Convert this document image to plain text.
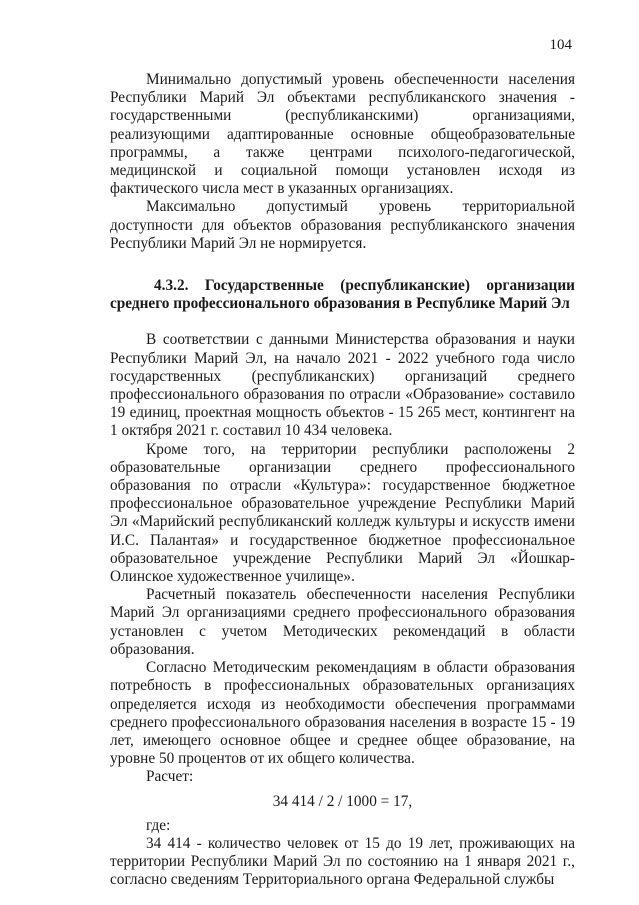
104

Минимально допустимый уровень обеспеченности населения Республики Марий Эл объектами республиканского значения - государственными (республиканскими) организациями, реализующими адаптированные основные общеобразовательные программы, а также центрами психолого-педагогической, медицинской и социальной помощи установлен исходя из фактического числа мест в указанных организациях.

Максимально допустимый уровень территориальной доступности для объектов образования республиканского значения Республики Марий Эл не нормируется.

4.3.2. Государственные (республиканские) организации среднего профессионального образования в Республике Марий Эл

В соответствии с данными Министерства образования и науки Республики Марий Эл, на начало 2021 - 2022 учебного года число государственных (республиканских) организаций среднего профессионального образования по отрасли «Образование» составило 19 единиц, проектная мощность объектов - 15 265 мест, контингент на 1 октября 2021 г. составил 10 434 человека.

Кроме того, на территории республики расположены 2 образовательные организации среднего профессионального образования по отрасли «Культура»: государственное бюджетное профессиональное образовательное учреждение Республики Марий Эл «Марийский республиканский колледж культуры и искусств имени И.С. Палантая» и государственное бюджетное профессиональное образовательное учреждение Республики Марий Эл «Йошкар-Олинское художественное училище».

Расчетный показатель обеспеченности населения Республики Марий Эл организациями среднего профессионального образования установлен с учетом Методических рекомендаций в области образования.

Согласно Методическим рекомендациям в области образования потребность в профессиональных образовательных организациях определяется исходя из необходимости обеспечения программами среднего профессионального образования населения в возрасте 15 - 19 лет, имеющего основное общее и среднее общее образование, на уровне 50 процентов от их общего количества.

Расчет:

34 414 / 2 / 1000 = 17,

где:

34 414 - количество человек от 15 до 19 лет, проживающих на территории Республики Марий Эл по состоянию на 1 января 2021 г., согласно сведениям Территориального органа Федеральной службы
